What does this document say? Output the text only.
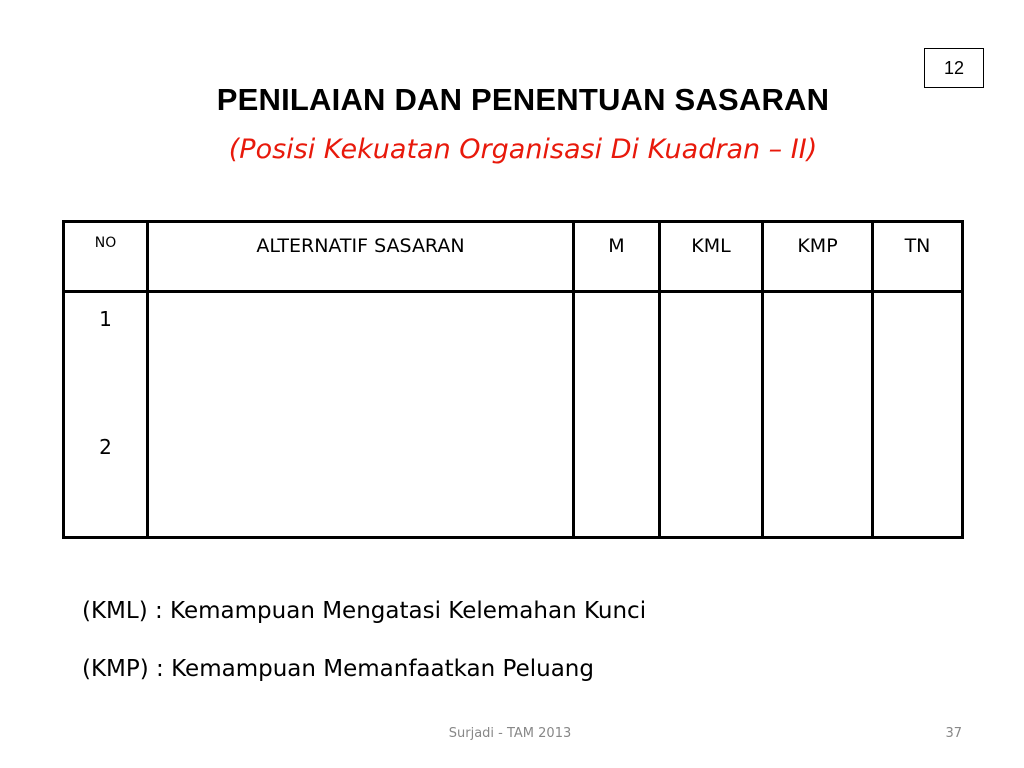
12
PENILAIAN DAN PENENTUAN SASARAN
(Posisi Kekuatan Organisasi Di Kuadran – II)
NO	ALTERNATIF SASARAN	M	KML	KMP	TN

1
2					

(KML) : Kemampuan Mengatasi Kelemahan Kunci
(KMP) : Kemampuan Memanfaatkan Peluang
Surjadi - TAM 2013	37
